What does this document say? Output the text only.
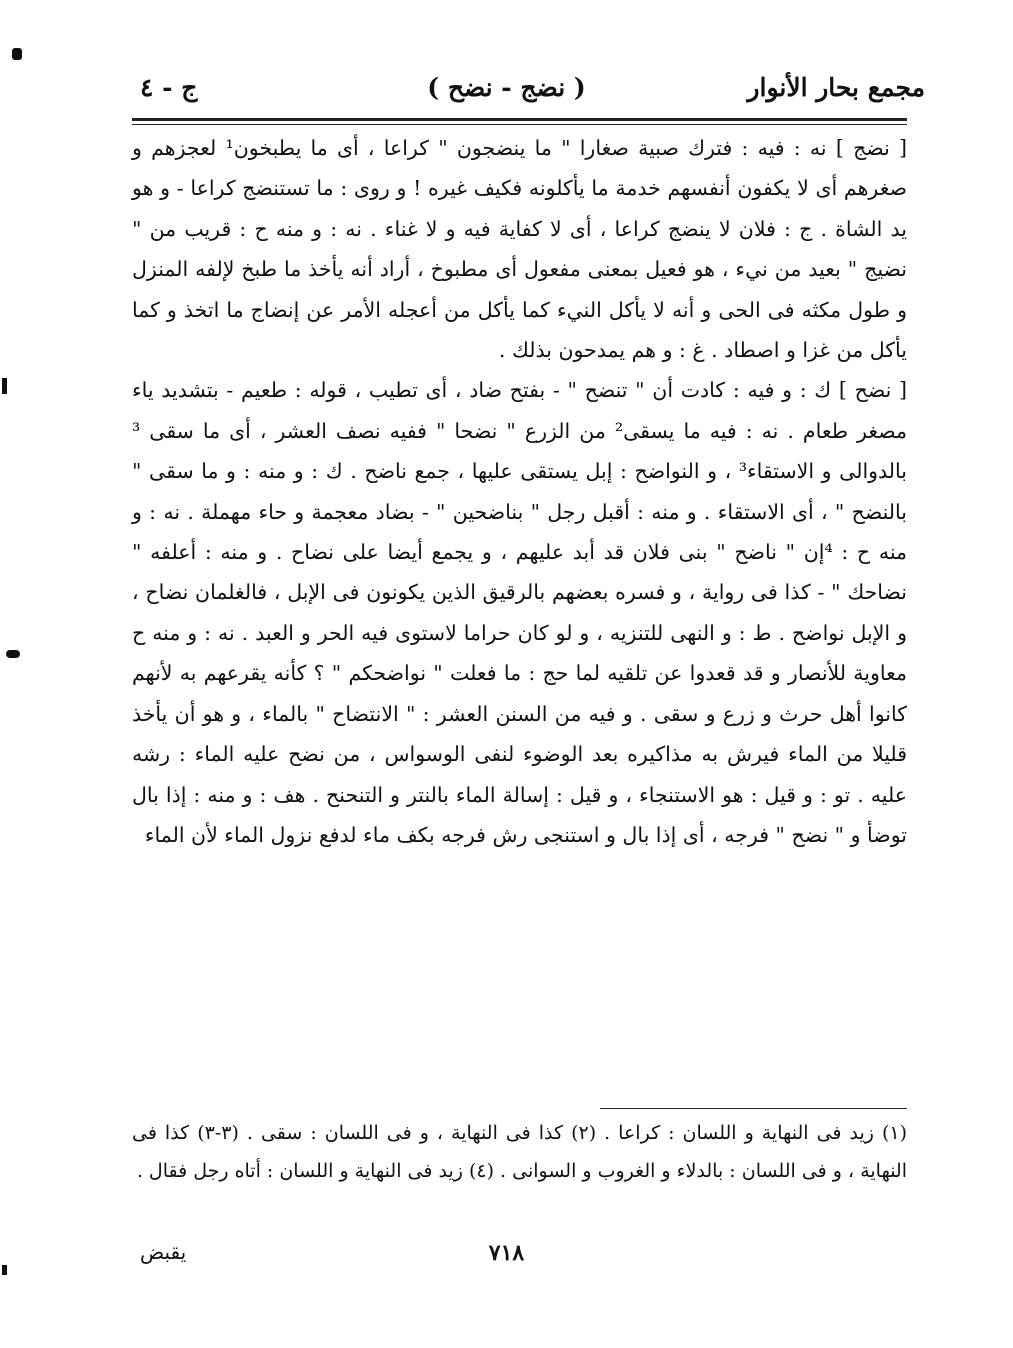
مجمع بحار الأنوار
( نضج - نضح )
ج - ٤

[ نضج ] نه : فيه : فترك صبية صغارا " ما ينضجون " كراعا ، أى ما يطبخون¹ لعجزهم و صغرهم أى لا يكفون أنفسهم خدمة ما يأكلونه فكيف غيره ! و روى : ما تستنضج كراعا - و هو يد الشاة . ج : فلان لا ينضج كراعا ، أى لا كفاية فيه و لا غناء . نه : و منه ح : قريب من " نضيج " بعيد من نيء ، هو فعيل بمعنى مفعول أى مطبوخ ، أراد أنه يأخذ ما طبخ لإلفه المنزل و طول مكثه فى الحى و أنه لا يأكل النيء كما يأكل من أعجله الأمر عن إنضاج ما اتخذ و كما يأكل من غزا و اصطاد . غ : و هم يمدحون بذلك .

[ نضح ] ك : و فيه : كادت أن " تنضح " - بفتح ضاد ، أى تطيب ، قوله : طعيم - بتشديد ياء مصغر طعام . نه : فيه ما يسقى² من الزرع " نضحا " ففيه نصف العشر ، أى ما سقى ³ بالدوالى و الاستقاء³ ، و النواضح : إبل يستقى عليها ، جمع ناضح . ك : و منه : و ما سقى " بالنضح " ، أى الاستقاء . و منه : أقبل رجل " بناضحين " - بضاد معجمة و حاء مهملة . نه : و منه ح : ⁴إن " ناضح " بنى فلان قد أبد عليهم ، و يجمع أيضا على نضاح . و منه : أعلفه " نضاحك " - كذا فى رواية ، و فسره بعضهم بالرقيق الذين يكونون فى الإبل ، فالغلمان نضاح ، و الإبل نواضح . ط : و النهى للتنزيه ، و لو كان حراما لاستوى فيه الحر و العبد . نه : و منه ح معاوية للأنصار و قد قعدوا عن تلقيه لما حج : ما فعلت " نواضحكم " ؟ كأنه يقرعهم به لأنهم كانوا أهل حرث و زرع و سقى . و فيه من السنن العشر : " الانتضاح " بالماء ، و هو أن يأخذ قليلا من الماء فيرش به مذاكيره بعد الوضوء لنفى الوسواس ، من نضح عليه الماء : رشه عليه . تو : و قيل : هو الاستنجاء ، و قيل : إسالة الماء بالنتر و التنحنح . هف : و منه : إذا بال توضأ و " نضح " فرجه ، أى إذا بال و استنجى رش فرجه بكف ماء لدفع نزول الماء لأن الماء

(١) زيد فى النهاية و اللسان : كراعا . (٢) كذا فى النهاية ، و فى اللسان : سقى . (٣-٣) كذا فى النهاية ، و فى اللسان : بالدلاء و الغروب و السوانى . (٤) زيد فى النهاية و اللسان : أتاه رجل فقال .
يقبض	٧١٨
